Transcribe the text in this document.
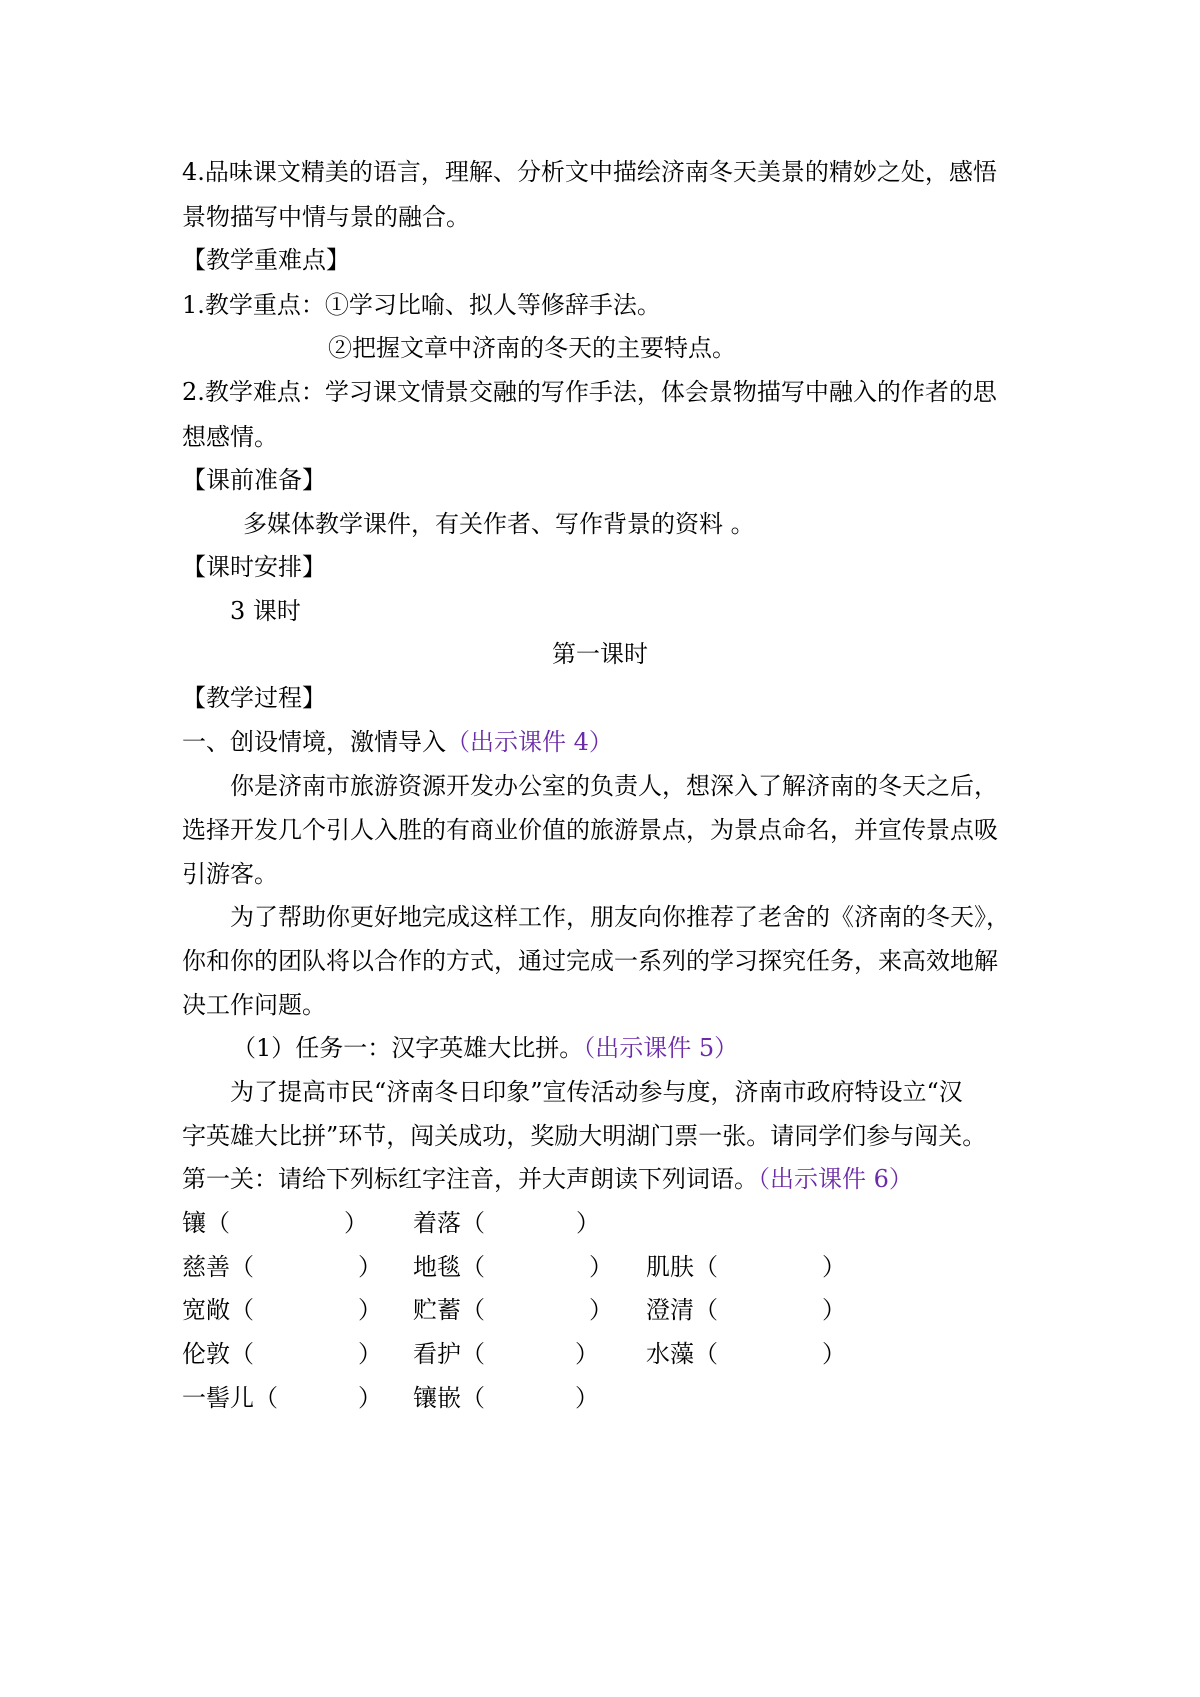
4.品味课文精美的语言，理解、分析文中描绘济南冬天美景的精妙之处，感悟
景物描写中情与景的融合。
【教学重难点】
1.教学重点：①学习比喻、拟人等修辞手法。
②把握文章中济南的冬天的主要特点。
2.教学难点：学习课文情景交融的写作手法，体会景物描写中融入的作者的思
想感情。
【课前准备】
多媒体教学课件，有关作者、写作背景的资料 。
【课时安排】
3 课时
第一课时
【教学过程】
一、创设情境，激情导入（出示课件 4）
你是济南市旅游资源开发办公室的负责人，想深入了解济南的冬天之后，
选择开发几个引人入胜的有商业价值的旅游景点，为景点命名，并宣传景点吸
引游客。
为了帮助你更好地完成这样工作，朋友向你推荐了老舍的《济南的冬天》，
你和你的团队将以合作的方式，通过完成一系列的学习探究任务，来高效地解
决工作问题。
（1）任务一：汉字英雄大比拼。（出示课件 5）
为了提高市民“济南冬日印象”宣传活动参与度，济南市政府特设立“汉
字英雄大比拼”环节，闯关成功，奖励大明湖门票一张。请同学们参与闯关。
第一关：请给下列标红字注音，并大声朗读下列词语。（出示课件 6）
镶（	） 着落（	）
慈善（	） 地毯（	） 肌肤（	）
宽敞（	） 贮蓄（	） 澄清（	）
伦敦（	） 看护（	） 水藻（	）
一髻儿（	） 镶嵌（	）
